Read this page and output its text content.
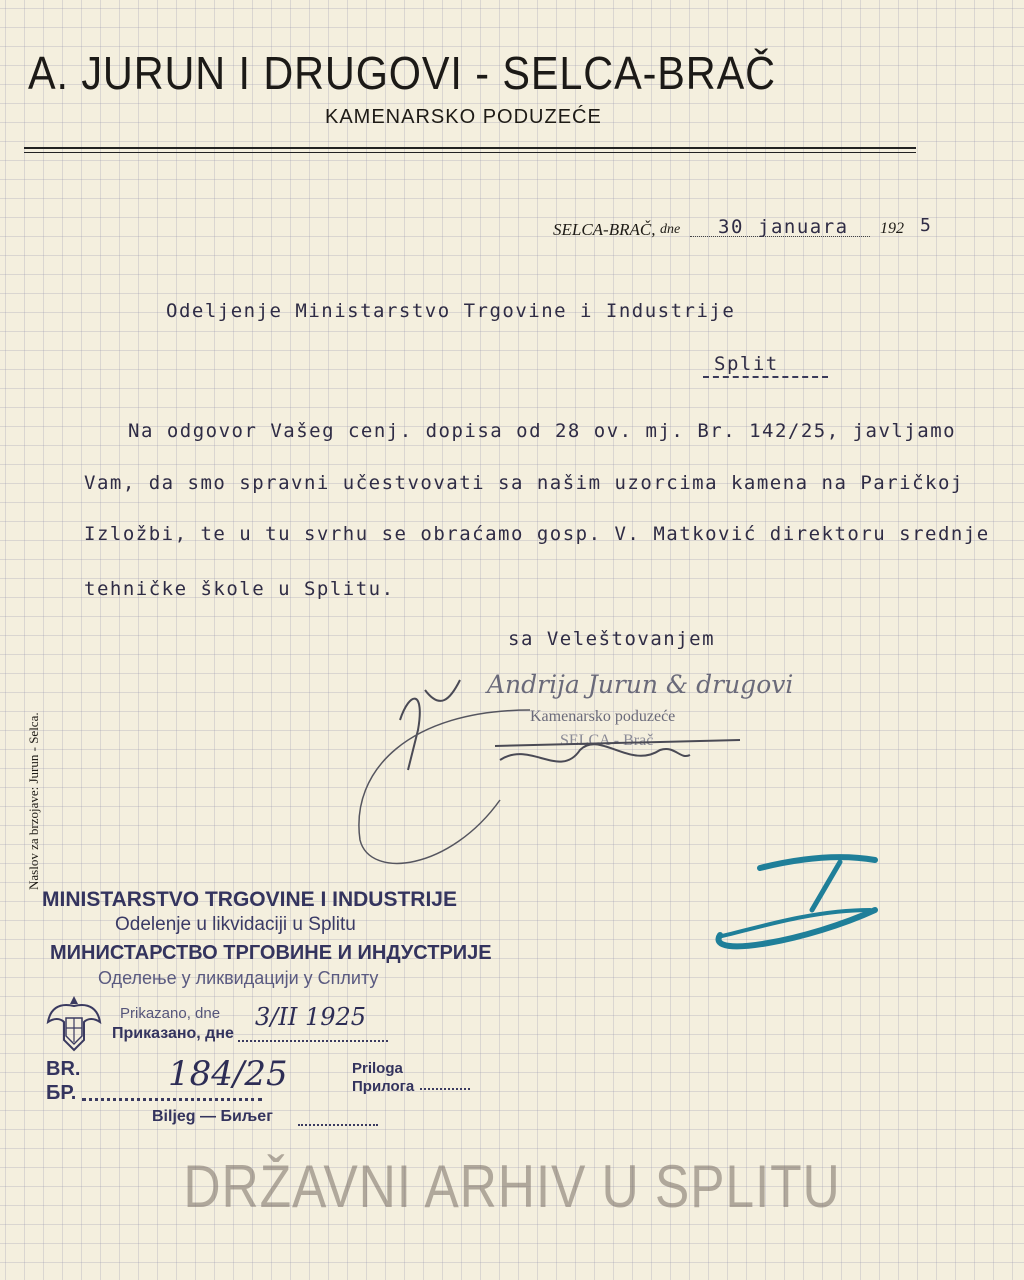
A. JURUN I DRUGOVI - SELCA-BRAČ
KAMENARSKO PODUZEĆE
SELCA-BRAČ, dne 30 januara 192 5
Odeljenje Ministarstvo Trgovine i Industrije
Split
Na odgovor Vašeg cenj. dopisa od 28 ov. mj. Br. 142/25, javljamo
Vam, da smo spravni učestvovati sa našim uzorcima kamena na Paričkoj
Izložbi, te u tu svrhu se obraćamo gosp. V. Matković direktoru srednje
tehničke škole u Splitu.
sa Veleštovanjem
Andrija Jurun & drugovi
Kamenarsko poduzeće
SELCA - Brač
Naslov za brzojave: Jurun - Selca.
MINISTARSTVO TRGOVINE I INDUSTRIJE
Odelenje u likvidaciji u Splitu
МИНИСТАРСТВО ТРГОВИНЕ И ИНДУСТРИЈЕ
Оделење у ликвидацији у Сплиту
Prikazano, dne
Приказано, дне
3/II 1925
BR.
БР.	184/25	Priloga
Прилога
Biljeg — Биљег
DRŽAVNI ARHIV U SPLITU
